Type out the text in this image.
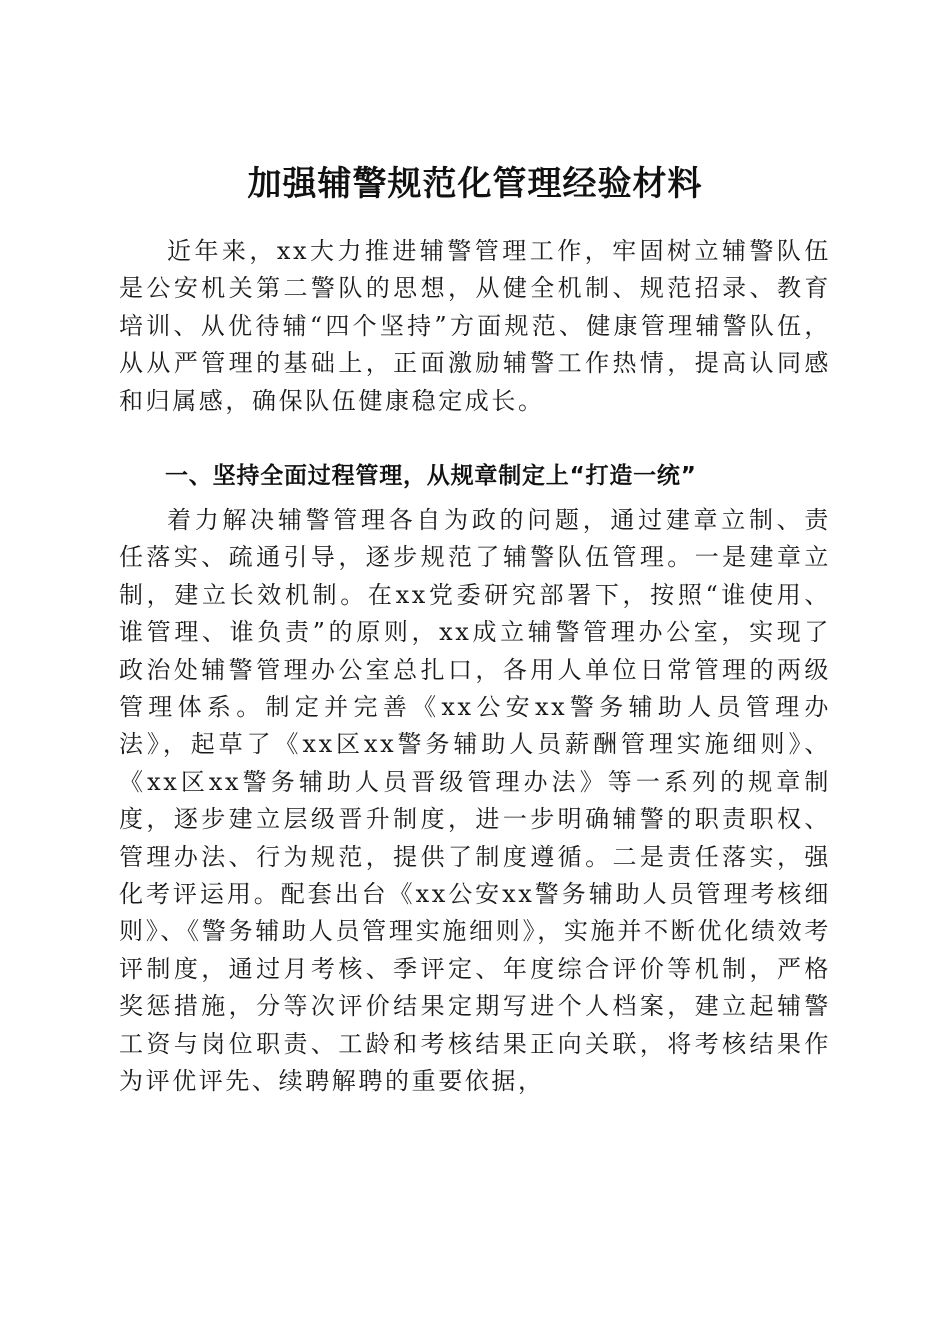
加强辅警规范化管理经验材料

近年来，xx大力推进辅警管理工作，牢固树立辅警队伍是公安机关第二警队的思想，从健全机制、规范招录、教育培训、从优待辅“四个坚持”方面规范、健康管理辅警队伍，从从严管理的基础上，正面激励辅警工作热情，提高认同感和归属感，确保队伍健康稳定成长。

一、坚持全面过程管理，从规章制定上“打造一统”

着力解决辅警管理各自为政的问题，通过建章立制、责任落实、疏通引导，逐步规范了辅警队伍管理。一是建章立制，建立长效机制。在xx党委研究部署下，按照“谁使用、谁管理、谁负责”的原则，xx成立辅警管理办公室，实现了政治处辅警管理办公室总扎口，各用人单位日常管理的两级管理体系。制定并完善《xx公安xx警务辅助人员管理办法》，起草了《xx区xx警务辅助人员薪酬管理实施细则》、《xx区xx警务辅助人员晋级管理办法》等一系列的规章制度，逐步建立层级晋升制度，进一步明确辅警的职责职权、管理办法、行为规范，提供了制度遵循。二是责任落实，强化考评运用。配套出台《xx公安xx警务辅助人员管理考核细则》、《警务辅助人员管理实施细则》，实施并不断优化绩效考评制度，通过月考核、季评定、年度综合评价等机制，严格奖惩措施，分等次评价结果定期写进个人档案，建立起辅警工资与岗位职责、工龄和考核结果正向关联，将考核结果作为评优评先、续聘解聘的重要依据，
